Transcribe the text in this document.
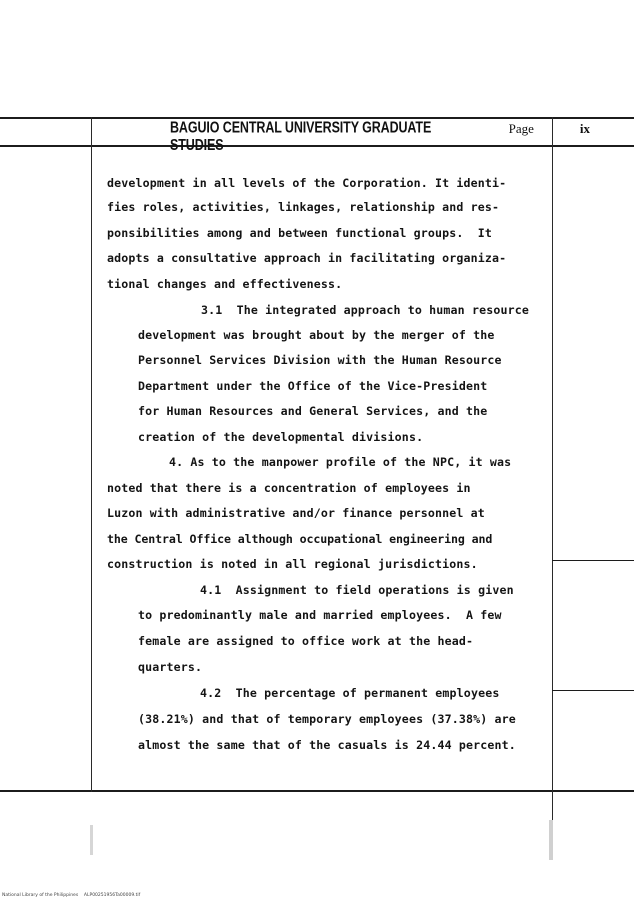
BAGUIO CENTRAL UNIVERSITY GRADUATE STUDIES
Page	ix
development in all levels of the Corporation. It identi-
fies roles, activities, linkages, relationship and res-
ponsibilities among and between functional groups.  It
adopts a consultative approach in facilitating organiza-
tional changes and effectiveness.
3.1  The integrated approach to human resource
development was brought about by the merger of the
Personnel Services Division with the Human Resource
Department under the Office of the Vice-President
for Human Resources and General Services, and the
creation of the developmental divisions.
4. As to the manpower profile of the NPC, it was
noted that there is a concentration of employees in
Luzon with administrative and/or finance personnel at
the Central Office although occupational engineering and
construction is noted in all regional jurisdictions.
4.1  Assignment to field operations is given
to predominantly male and married employees.  A few
female are assigned to office work at the head-
quarters.
4.2  The percentage of permanent employees
(38.21%) and that of temporary employees (37.38%) are
almost the same that of the casuals is 24.44 percent.
National Library of the Philippines    ALP00251956Ta00009.tif
